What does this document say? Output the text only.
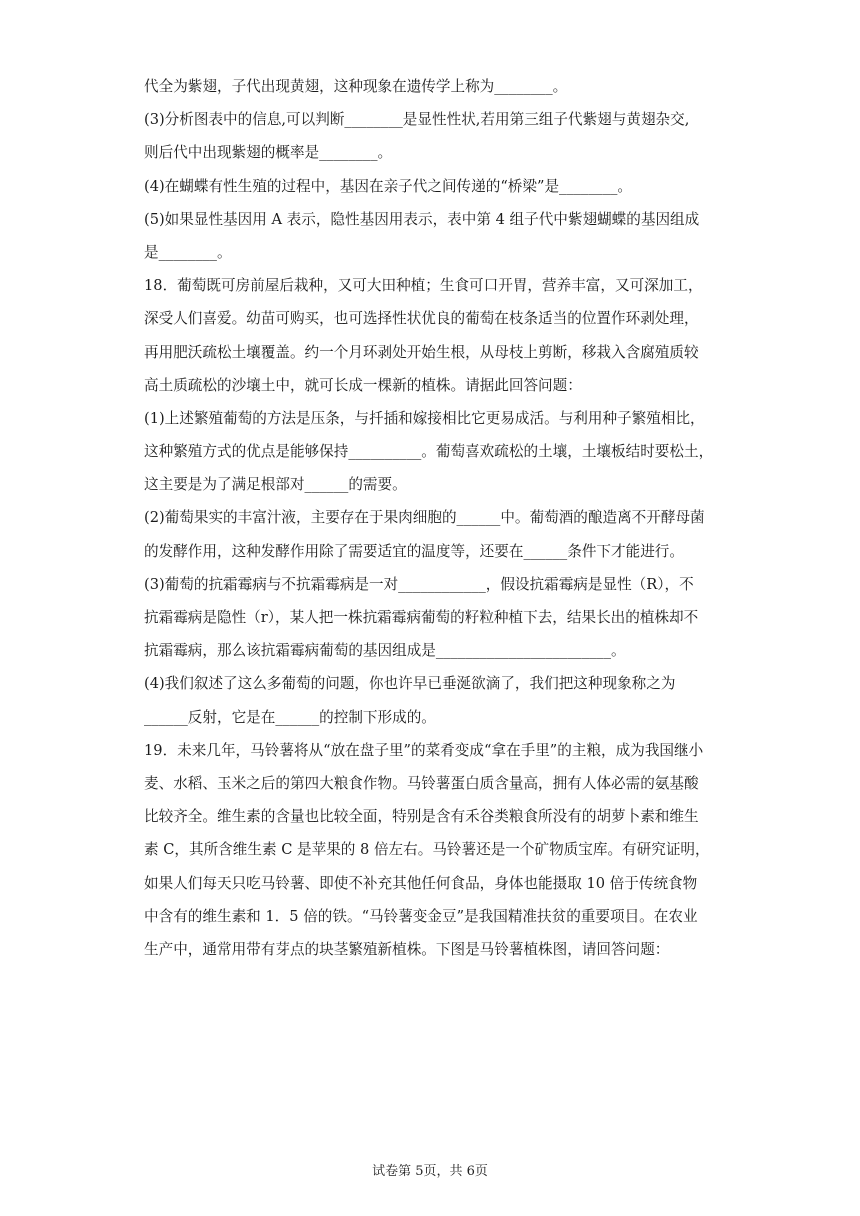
代全为紫翅，子代出现黄翅，这种现象在遗传学上称为________。
(3)分析图表中的信息,可以判断________是显性性状,若用第三组子代紫翅与黄翅杂交,
则后代中出现紫翅的概率是________。
(4)在蝴蝶有性生殖的过程中，基因在亲子代之间传递的“桥梁”是________。
(5)如果显性基因用 A 表示，隐性基因用表示，表中第 4 组子代中紫翅蝴蝶的基因组成
是________。
18．葡萄既可房前屋后栽种，又可大田种植；生食可口开胃，营养丰富，又可深加工，
深受人们喜爱。幼苗可购买，也可选择性状优良的葡萄在枝条适当的位置作环剥处理，
再用肥沃疏松土壤覆盖。约一个月环剥处开始生根，从母枝上剪断，移栽入含腐殖质较
高土质疏松的沙壤土中，就可长成一棵新的植株。请据此回答问题：
(1)上述繁殖葡萄的方法是压条，与扦插和嫁接相比它更易成活。与利用种子繁殖相比，
这种繁殖方式的优点是能够保持__________。葡萄喜欢疏松的土壤，土壤板结时要松土，
这主要是为了满足根部对______的需要。
(2)葡萄果实的丰富汁液，主要存在于果肉细胞的______中。葡萄酒的酿造离不开酵母菌
的发酵作用，这种发酵作用除了需要适宜的温度等，还要在______条件下才能进行。
(3)葡萄的抗霜霉病与不抗霜霉病是一对____________，假设抗霜霉病是显性（R），不
抗霜霉病是隐性（r），某人把一株抗霜霉病葡萄的籽粒种植下去，结果长出的植株却不
抗霜霉病，那么该抗霜霉病葡萄的基因组成是________________________。
(4)我们叙述了这么多葡萄的问题，你也许早已垂涎欲滴了，我们把这种现象称之为
______反射，它是在______的控制下形成的。
19．未来几年，马铃薯将从“放在盘子里”的菜肴变成“拿在手里”的主粮，成为我国继小
麦、水稻、玉米之后的第四大粮食作物。马铃薯蛋白质含量高，拥有人体必需的氨基酸
比较齐全。维生素的含量也比较全面，特别是含有禾谷类粮食所没有的胡萝卜素和维生
素 C，其所含维生素 C 是苹果的 8 倍左右。马铃薯还是一个矿物质宝库。有研究证明，
如果人们每天只吃马铃薯、即使不补充其他任何食品，身体也能摄取 10 倍于传统食物
中含有的维生素和 1．5 倍的铁。“马铃薯变金豆”是我国精准扶贫的重要项目。在农业
生产中，通常用带有芽点的块茎繁殖新植株。下图是马铃薯植株图，请回答问题：
试卷第 5页，共 6页
